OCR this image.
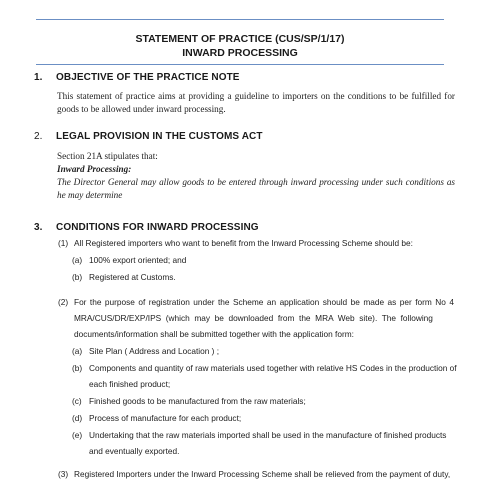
STATEMENT OF PRACTICE (CUS/SP/1/17)
INWARD PROCESSING
1. OBJECTIVE OF THE PRACTICE NOTE
This statement of practice aims at providing a guideline to importers on the conditions to be fulfilled for
goods to be allowed under inward processing.
2. LEGAL PROVISION IN THE CUSTOMS ACT
Section 21A stipulates that:
Inward Processing:
The Director General may allow goods to be entered through inward processing under such conditions as
he may determine
3. CONDITIONS FOR INWARD PROCESSING
(1) All Registered importers who want to benefit from the Inward Processing Scheme should be:
(a) 100% export oriented; and
(b) Registered at Customs.
(2) For the purpose of registration under the Scheme an application should be made as per form No 4
MRA/CUS/DR/EXP/IPS  (which  may  be  downloaded  from  the  MRA  Web  site).  The  following
documents/information shall be submitted together with the application form:
(a) Site Plan ( Address and Location ) ;
(b) Components and quantity of raw materials used together with relative HS Codes in the production of
each finished product;
(c) Finished goods to be manufactured from the raw materials;
(d) Process of manufacture for each product;
(e) Undertaking that the raw materials imported shall be used in the manufacture of finished products
and eventually exported.
(3) Registered Importers under the Inward Processing Scheme shall be relieved from the payment of duty,
